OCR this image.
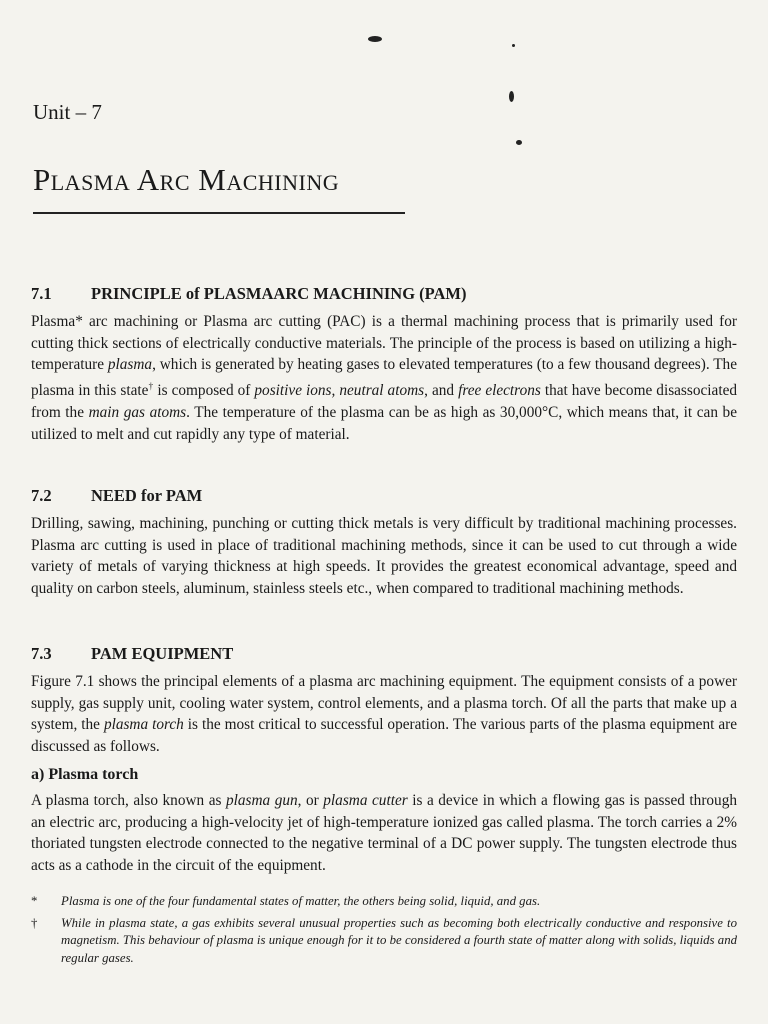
Unit – 7
Plasma Arc Machining

7.1 PRINCIPLE of PLASMAARC MACHINING (PAM)

Plasma* arc machining or Plasma arc cutting (PAC) is a thermal machining process that is primarily used for cutting thick sections of electrically conductive materials. The principle of the process is based on utilizing a high-temperature plasma, which is generated by heating gases to elevated temperatures (to a few thousand degrees). The plasma in this state† is composed of positive ions, neutral atoms, and free electrons that have become disassociated from the main gas atoms. The temperature of the plasma can be as high as 30,000°C, which means that, it can be utilized to melt and cut rapidly any type of material.

7.2 NEED for PAM

Drilling, sawing, machining, punching or cutting thick metals is very difficult by traditional machining processes. Plasma arc cutting is used in place of traditional machining methods, since it can be used to cut through a wide variety of metals of varying thickness at high speeds. It provides the greatest economical advantage, speed and quality on carbon steels, aluminum, stainless steels etc., when compared to traditional machining methods.

7.3 PAM EQUIPMENT

Figure 7.1 shows the principal elements of a plasma arc machining equipment. The equipment consists of a power supply, gas supply unit, cooling water system, control elements, and a plasma torch. Of all the parts that make up a system, the plasma torch is the most critical to successful operation. The various parts of the plasma equipment are discussed as follows.

a) Plasma torch

A plasma torch, also known as plasma gun, or plasma cutter is a device in which a flowing gas is passed through an electric arc, producing a high-velocity jet of high-temperature ionized gas called plasma. The torch carries a 2% thoriated tungsten electrode connected to the negative terminal of a DC power supply. The tungsten electrode thus acts as a cathode in the circuit of the equipment.

*	Plasma is one of the four fundamental states of matter, the others being solid, liquid, and gas.
†	While in plasma state, a gas exhibits several unusual properties such as becoming both electrically conductive and responsive to magnetism. This behaviour of plasma is unique enough for it to be considered a fourth state of matter along with solids, liquids and regular gases.
